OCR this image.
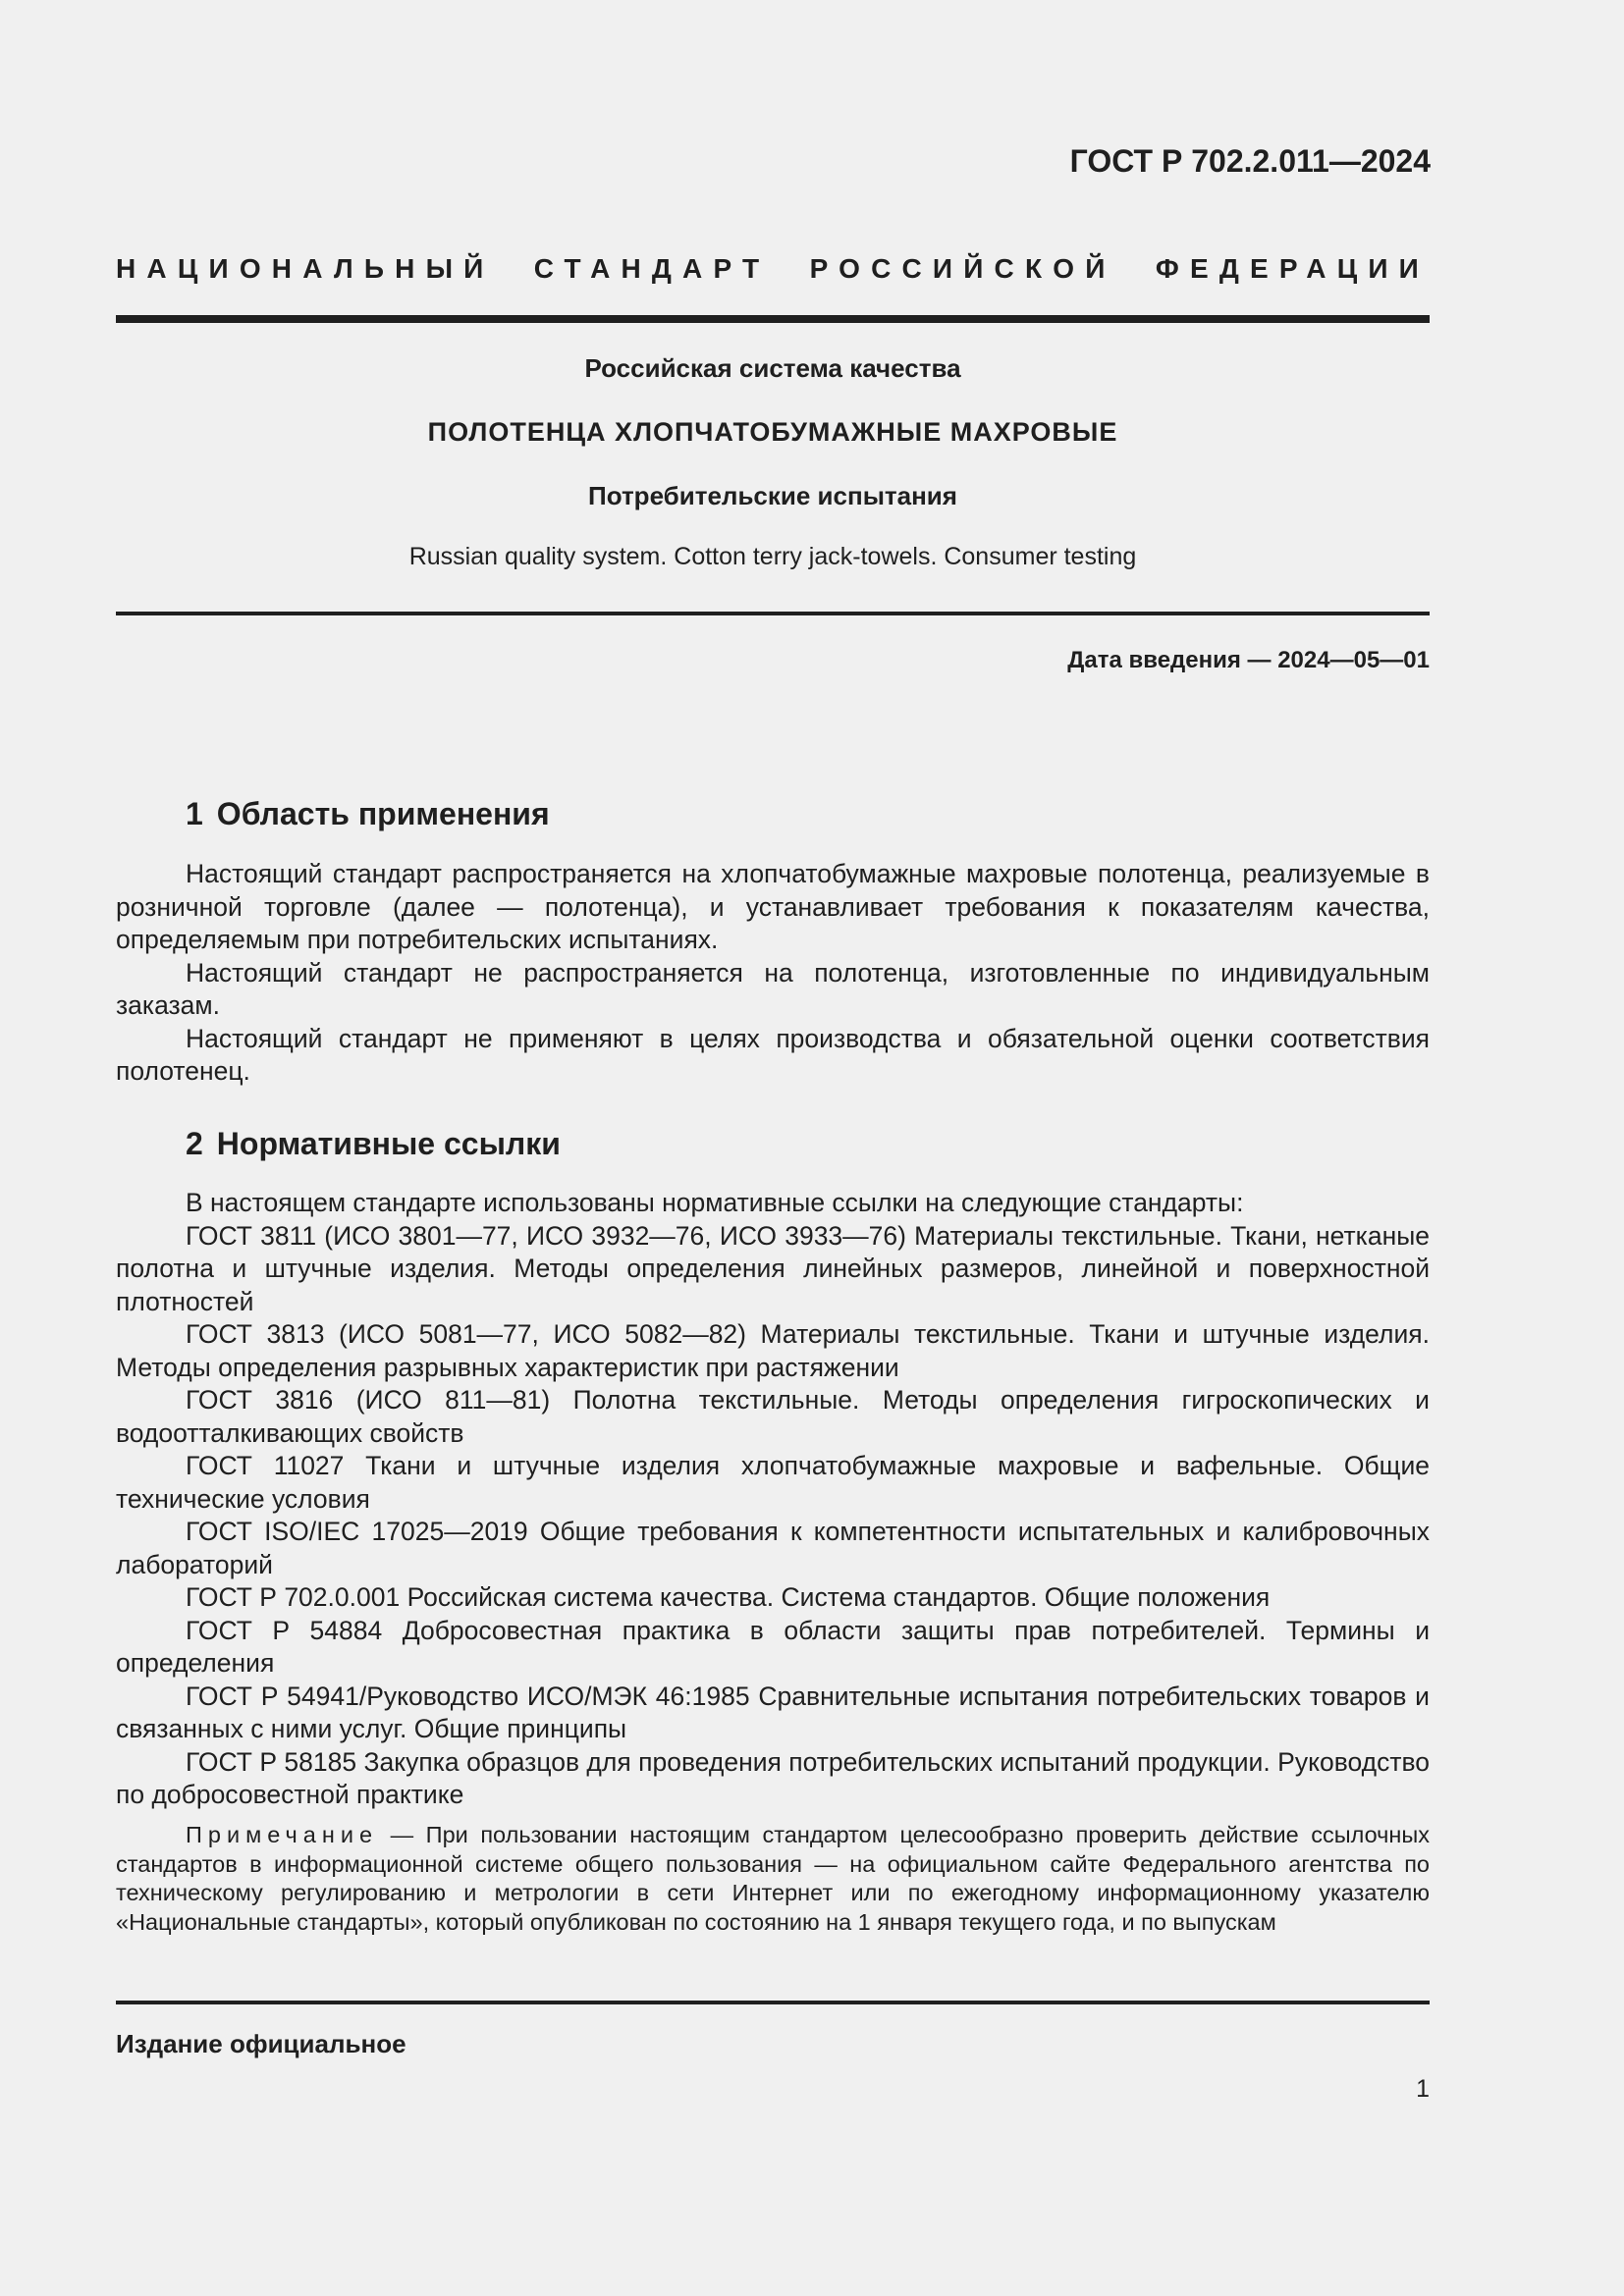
ГОСТ Р 702.2.011—2024
НАЦИОНАЛЬНЫЙ СТАНДАРТ РОССИЙСКОЙ ФЕДЕРАЦИИ
Российская система качества
ПОЛОТЕНЦА ХЛОПЧАТОБУМАЖНЫЕ МАХРОВЫЕ
Потребительские испытания
Russian quality system. Cotton terry jack-towels. Consumer testing
Дата введения — 2024—05—01
1 Область применения

Настоящий стандарт распространяется на хлопчатобумажные махровые полотенца, реализуемые в розничной торговле (далее — полотенца), и устанавливает требования к показателям качества, определяемым при потребительских испытаниях.

Настоящий стандарт не распространяется на полотенца, изготовленные по индивидуальным заказам.

Настоящий стандарт не применяют в целях производства и обязательной оценки соответствия полотенец.

2 Нормативные ссылки

В настоящем стандарте использованы нормативные ссылки на следующие стандарты:

ГОСТ 3811 (ИСО 3801—77, ИСО 3932—76, ИСО 3933—76) Материалы текстильные. Ткани, нетканые полотна и штучные изделия. Методы определения линейных размеров, линейной и поверхностной плотностей

ГОСТ 3813 (ИСО 5081—77, ИСО 5082—82) Материалы текстильные. Ткани и штучные изделия. Методы определения разрывных характеристик при растяжении

ГОСТ 3816 (ИСО 811—81) Полотна текстильные. Методы определения гигроскопических и водоотталкивающих свойств

ГОСТ 11027 Ткани и штучные изделия хлопчатобумажные махровые и вафельные. Общие технические условия

ГОСТ ISO/IEC 17025—2019 Общие требования к компетентности испытательных и калибровочных лабораторий

ГОСТ Р 702.0.001 Российская система качества. Система стандартов. Общие положения

ГОСТ Р 54884 Добросовестная практика в области защиты прав потребителей. Термины и определения

ГОСТ Р 54941/Руководство ИСО/МЭК 46:1985 Сравнительные испытания потребительских товаров и связанных с ними услуг. Общие принципы

ГОСТ Р 58185 Закупка образцов для проведения потребительских испытаний продукции. Руководство по добросовестной практике

Примечание — При пользовании настоящим стандартом целесообразно проверить действие ссылочных стандартов в информационной системе общего пользования — на официальном сайте Федерального агентства по техническому регулированию и метрологии в сети Интернет или по ежегодному информационному указателю «Национальные стандарты», который опубликован по состоянию на 1 января текущего года, и по выпускам

Издание официальное
1
